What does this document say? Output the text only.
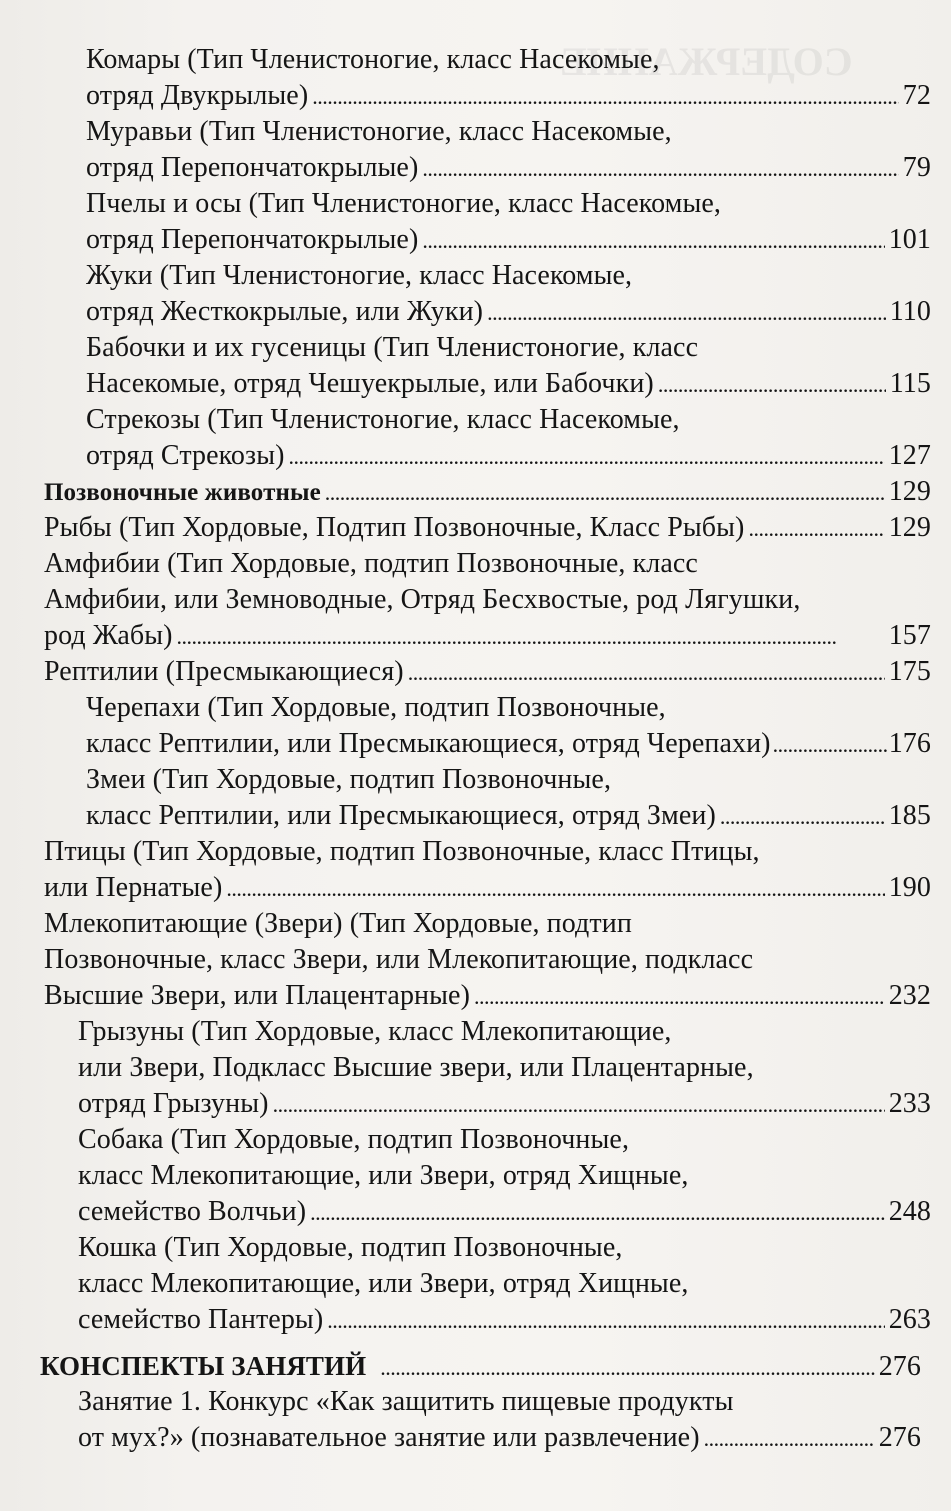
СОДЕРЖАНИЕ
Комары (Тип Членистоногие, класс Насекомые,
отряд Двукрылые) . . .	72
Муравьи (Тип Членистоногие, класс Насекомые,
отряд Перепончатокрылые) . . .	79
Пчелы и осы (Тип Членистоногие, класс Насекомые,
отряд Перепончатокрылые) . . .	101
Жуки (Тип Членистоногие, класс Насекомые,
отряд Жесткокрылые, или Жуки) . . .	110
Бабочки и их гусеницы (Тип Членистоногие, класс
Насекомые, отряд Чешуекрылые, или Бабочки) . . .	115
Стрекозы (Тип Членистоногие, класс Насекомые,
отряд Стрекозы) . . .	127
Позвоночные животные . . .	129
Рыбы (Тип Хордовые, Подтип Позвоночные, Класс Рыбы) . . .	129
Амфибии (Тип Хордовые, подтип Позвоночные, класс
Амфибии, или Земноводные, Отряд Бесхвостые, род Лягушки,
род Жабы) . . .	157
Рептилии (Пресмыкающиеся) . . .	175
Черепахи (Тип Хордовые, подтип Позвоночные,
класс Рептилии, или Пресмыкающиеся, отряд Черепахи) . . .	176
Змеи (Тип Хордовые, подтип Позвоночные,
класс Рептилии, или Пресмыкающиеся, отряд Змеи) . . .	185
Птицы (Тип Хордовые, подтип Позвоночные, класс Птицы,
или Пернатые) . . .	190
Млекопитающие (Звери) (Тип Хордовые, подтип
Позвоночные, класс Звери, или Млекопитающие, подкласс
Высшие Звери, или Плацентарные) . . .	232
Грызуны (Тип Хордовые, класс Млекопитающие,
или Звери, Подкласс Высшие звери, или Плацентарные,
отряд Грызуны) . . .	233
Собака (Тип Хордовые, подтип Позвоночные,
класс Млекопитающие, или Звери, отряд Хищные,
семейство Волчьи) . . .	248
Кошка (Тип Хордовые, подтип Позвоночные,
класс Млекопитающие, или Звери, отряд Хищные,
семейство Пантеры) . . .	263
КОНСПЕКТЫ ЗАНЯТИЙ . . .	276
Занятие 1. Конкурс «Как защитить пищевые продукты
от мух?» (познавательное занятие или развлечение) . . .	276
